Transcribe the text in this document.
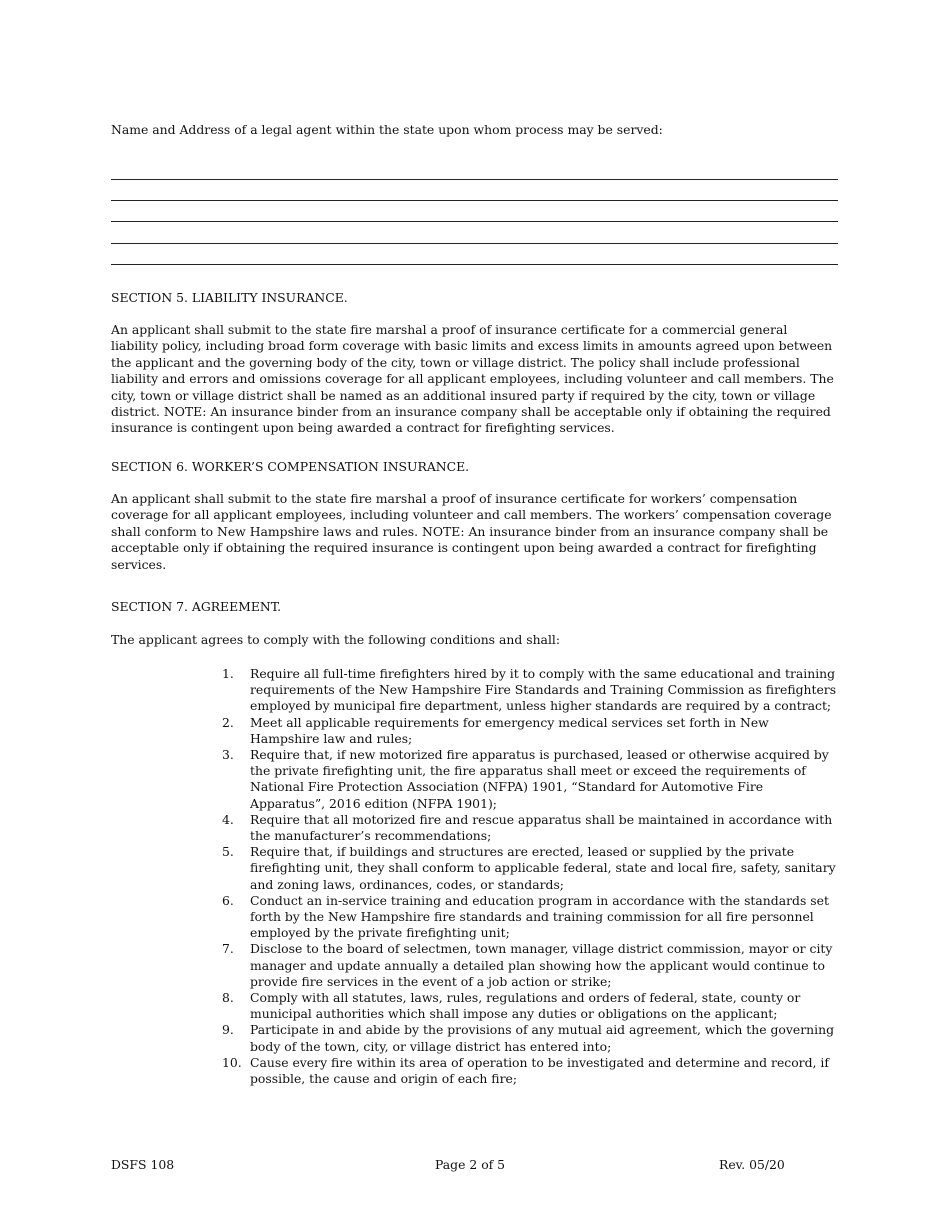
Name and Address of a legal agent within the state upon whom process may be served:
SECTION 5. LIABILITY INSURANCE.
An applicant shall submit to the state fire marshal a proof of insurance certificate for a commercial general liability policy, including broad form coverage with basic limits and excess limits in amounts agreed upon between the applicant and the governing body of the city, town or village district. The policy shall include professional liability and errors and omissions coverage for all applicant employees, including volunteer and call members. The city, town or village district shall be named as an additional insured party if required by the city, town or village district. NOTE: An insurance binder from an insurance company shall be acceptable only if obtaining the required insurance is contingent upon being awarded a contract for firefighting services.
SECTION 6. WORKER’S COMPENSATION INSURANCE.
An applicant shall submit to the state fire marshal a proof of insurance certificate for workers’ compensation coverage for all applicant employees, including volunteer and call members. The workers’ compensation coverage shall conform to New Hampshire laws and rules. NOTE: An insurance binder from an insurance company shall be acceptable only if obtaining the required insurance is contingent upon being awarded a contract for firefighting services.
SECTION 7. AGREEMENT.
The applicant agrees to comply with the following conditions and shall:
1. Require all full-time firefighters hired by it to comply with the same educational and training requirements of the New Hampshire Fire Standards and Training Commission as firefighters employed by municipal fire department, unless higher standards are required by a contract;
2. Meet all applicable requirements for emergency medical services set forth in New Hampshire law and rules;
3. Require that, if new motorized fire apparatus is purchased, leased or otherwise acquired by the private firefighting unit, the fire apparatus shall meet or exceed the requirements of National Fire Protection Association (NFPA) 1901, “Standard for Automotive Fire Apparatus”, 2016 edition (NFPA 1901);
4. Require that all motorized fire and rescue apparatus shall be maintained in accordance with the manufacturer’s recommendations;
5. Require that, if buildings and structures are erected, leased or supplied by the private firefighting unit, they shall conform to applicable federal, state and local fire, safety, sanitary and zoning laws, ordinances, codes, or standards;
6. Conduct an in-service training and education program in accordance with the standards set forth by the New Hampshire fire standards and training commission for all fire personnel employed by the private firefighting unit;
7. Disclose to the board of selectmen, town manager, village district commission, mayor or city manager and update annually a detailed plan showing how the applicant would continue to provide fire services in the event of a job action or strike;
8. Comply with all statutes, laws, rules, regulations and orders of federal, state, county or municipal authorities which shall impose any duties or obligations on the applicant;
9. Participate in and abide by the provisions of any mutual aid agreement, which the governing body of the town, city, or village district has entered into;
10. Cause every fire within its area of operation to be investigated and determine and record, if possible, the cause and origin of each fire;
DSFS 108	Page 2 of 5	Rev. 05/20
